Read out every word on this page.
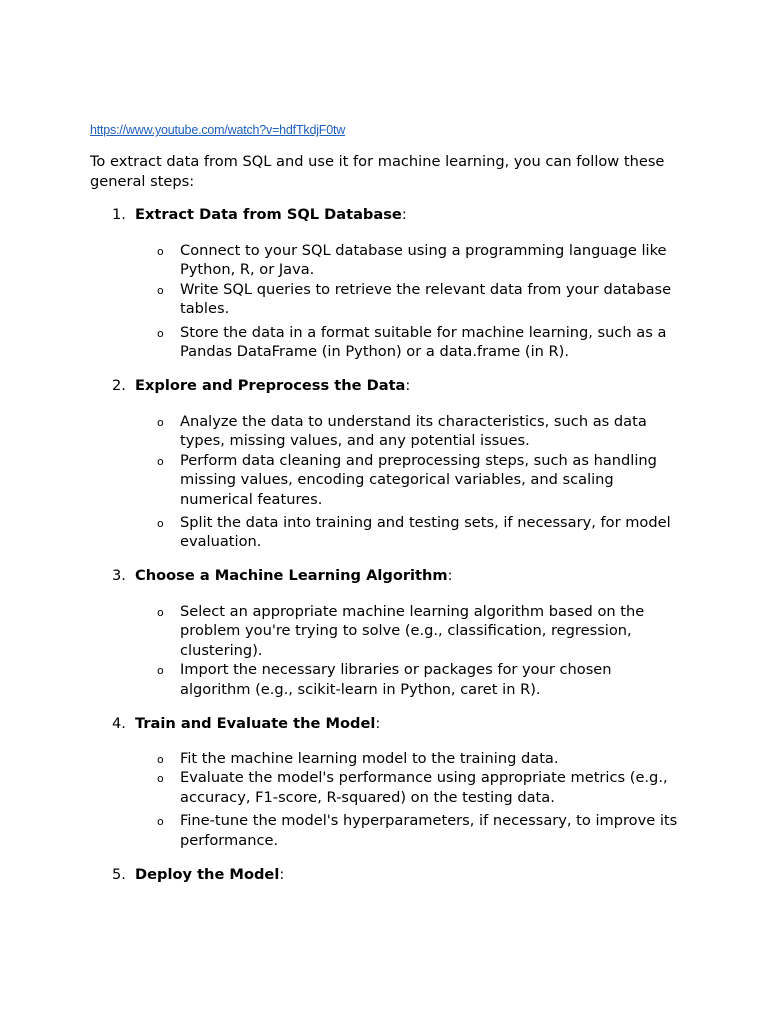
https://www.youtube.com/watch?v=hdfTkdjF0tw

To extract data from SQL and use it for machine learning, you can follow these general steps:

1. Extract Data from SQL Database:
o Connect to your SQL database using a programming language like Python, R, or Java.
o Write SQL queries to retrieve the relevant data from your database tables.
o Store the data in a format suitable for machine learning, such as a Pandas DataFrame (in Python) or a data.frame (in R).
2. Explore and Preprocess the Data:
o Analyze the data to understand its characteristics, such as data types, missing values, and any potential issues.
o Perform data cleaning and preprocessing steps, such as handling missing values, encoding categorical variables, and scaling numerical features.
o Split the data into training and testing sets, if necessary, for model evaluation.
3. Choose a Machine Learning Algorithm:
o Select an appropriate machine learning algorithm based on the problem you're trying to solve (e.g., classification, regression, clustering).
o Import the necessary libraries or packages for your chosen algorithm (e.g., scikit-learn in Python, caret in R).
4. Train and Evaluate the Model:
o Fit the machine learning model to the training data.
o Evaluate the model's performance using appropriate metrics (e.g., accuracy, F1-score, R-squared) on the testing data.
o Fine-tune the model's hyperparameters, if necessary, to improve its performance.
5. Deploy the Model:
